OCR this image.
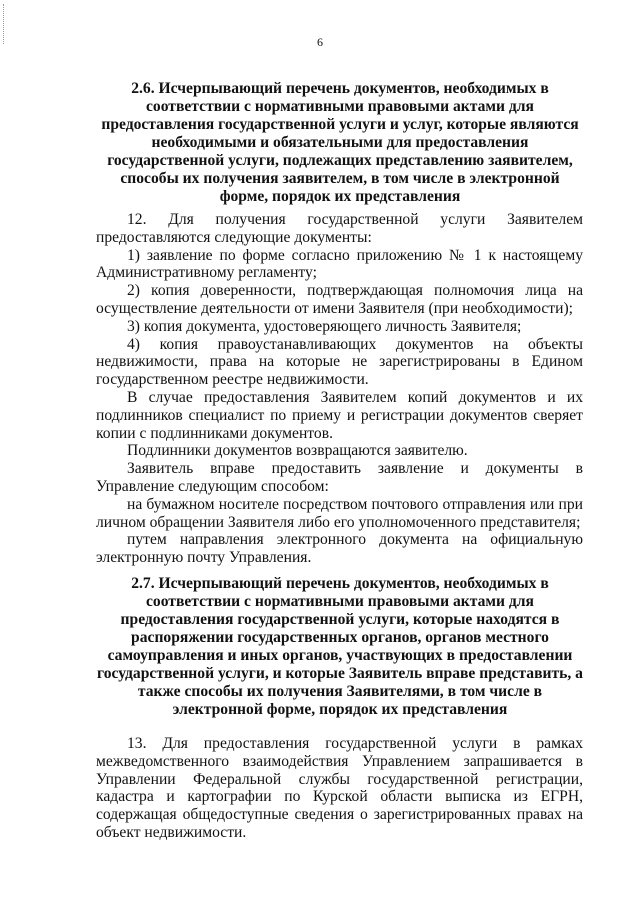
6
2.6. Исчерпывающий перечень документов, необходимых в соответствии с нормативными правовыми актами для предоставления государственной услуги и услуг, которые являются необходимыми и обязательными для предоставления государственной услуги, подлежащих представлению заявителем, способы их получения заявителем, в том числе в электронной форме, порядок их представления

12. Для получения государственной услуги Заявителем предоставляются следующие документы:

1) заявление по форме согласно приложению № 1 к настоящему Административному регламенту;

2) копия доверенности, подтверждающая полномочия лица на осуществление деятельности от имени Заявителя (при необходимости);

3) копия документа, удостоверяющего личность Заявителя;

4) копия правоустанавливающих документов на объекты недвижимости, права на которые не зарегистрированы в Едином государственном реестре недвижимости.

В случае предоставления Заявителем копий документов и их подлинников специалист по приему и регистрации документов сверяет копии с подлинниками документов.

Подлинники документов возвращаются заявителю.

Заявитель вправе предоставить заявление и документы в Управление следующим способом:

на бумажном носителе посредством почтового отправления или при личном обращении Заявителя либо его уполномоченного представителя;

путем направления электронного документа на официальную электронную почту Управления.

2.7. Исчерпывающий перечень документов, необходимых в соответствии с нормативными правовыми актами для предоставления государственной услуги, которые находятся в распоряжении государственных органов, органов местного самоуправления и иных органов, участвующих в предоставлении государственной услуги, и которые Заявитель вправе представить, а также способы их получения Заявителями, в том числе в электронной форме, порядок их представления

13. Для предоставления государственной услуги в рамках межведомственного взаимодействия Управлением запрашивается в Управлении Федеральной службы государственной регистрации, кадастра и картографии по Курской области выписка из ЕГРН, содержащая общедоступные сведения о зарегистрированных правах на объект недвижимости.
